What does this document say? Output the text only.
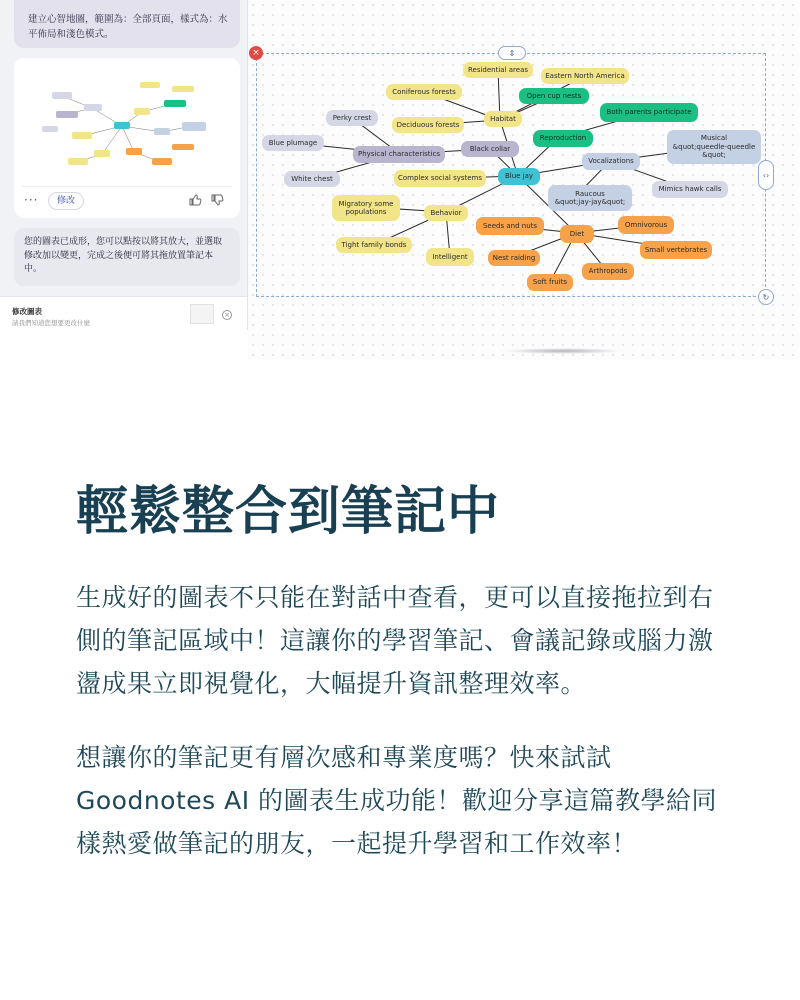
建立心智地圖，範圍為：全部頁面，樣式為：水平佈局和淺色模式。
···	修改
您的圖表已成形，您可以點按以將其放大，並選取修改加以變更，完成之後便可將其拖放置筆記本中。
修改圖表
請我們知道您想要更改什麼
×
Residential areas
Eastern North America
Coniferous forests	Open cup nests
Both parents participate
Perky crest	Habitat
Deciduous forests
Reproduction
Blue plumage
Musical
&quot;queedle-queedle
&quot;
Black collar
Physical characteristics
Vocalizations
Blue jay
Complex social systems
White chest
Mimics hawk calls
Raucous
&quot;jay-jay&quot;
Migratory some
populations	Behavior
Seeds and nuts	Omnivorous
Diet
Tight family bonds
Small vertebrates
Intelligent	Nest raiding
Arthropods
Soft fruits
⇕
‹›
↻
×
輕鬆整合到筆記中

生成好的圖表不只能在對話中查看，更可以直接拖拉到右側的筆記區域中！這讓你的學習筆記、會議記錄或腦力激盪成果立即視覺化，大幅提升資訊整理效率。

想讓你的筆記更有層次感和專業度嗎？快來試試 Goodnotes AI 的圖表生成功能！歡迎分享這篇教學給同樣熱愛做筆記的朋友，一起提升學習和工作效率！
